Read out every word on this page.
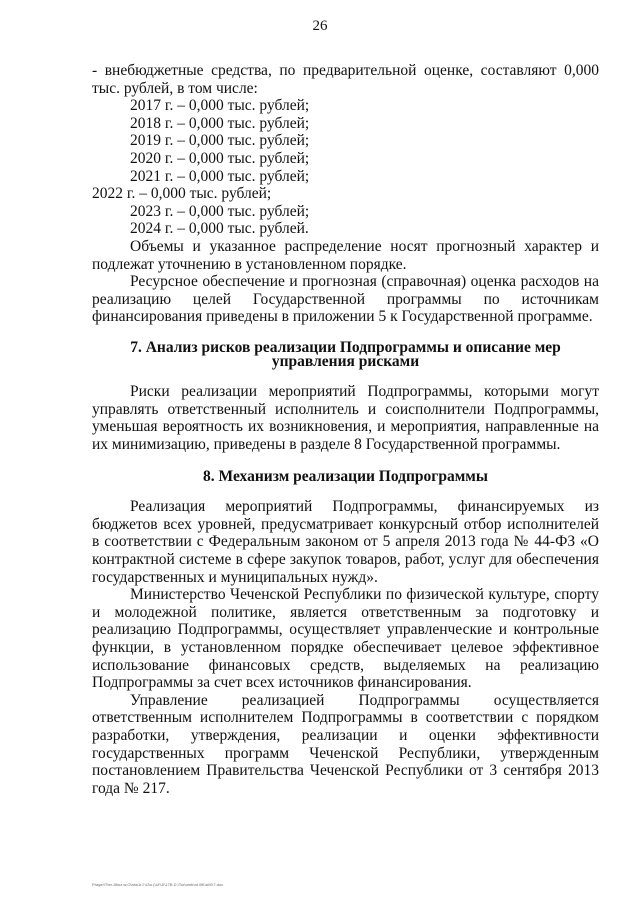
26

- внебюджетные средства, по предварительной оценке, составляют 0,000 тыс. рублей, в том числе:

2017 г. – 0,000 тыс. рублей;

2018 г. – 0,000 тыс. рублей;

2019 г. – 0,000 тыс. рублей;

2020 г. – 0,000 тыс. рублей;

2021 г. – 0,000 тыс. рублей;

2022 г. – 0,000 тыс. рублей;

2023 г. – 0,000 тыс. рублей;

2024 г. – 0,000 тыс. рублей.

Объемы и указанное распределение носят прогнозный характер и подлежат уточнению в установленном порядке.

Ресурсное обеспечение и прогнозная (справочная) оценка расходов на реализацию целей Государственной программы по источникам финансирования приведены в приложении 5 к Государственной программе.

7. Анализ рисков реализации Подпрограммы и описание мер
управления рисками

Риски реализации мероприятий Подпрограммы, которыми могут управлять ответственный исполнитель и соисполнители Подпрограммы, уменьшая вероятность их возникновения, и мероприятия, направленные на их минимизацию, приведены в разделе 8 Государственной программы.

8. Механизм реализации Подпрограммы

Реализация мероприятий Подпрограммы, финансируемых из бюджетов всех уровней, предусматривает конкурсный отбор исполнителей в соответствии с Федеральным законом от 5 апреля 2013 года № 44-ФЗ «О контрактной системе в сфере закупок товаров, работ, услуг для обеспечения государственных и муниципальных нужд».

Министерство Чеченской Республики по физической культуре, спорту и молодежной политике, является ответственным за подготовку и реализацию Подпрограммы, осуществляет управленческие и контрольные функции, в установленном порядке обеспечивает целевое эффективное использование финансовых средств, выделяемых на реализацию Подпрограммы за счет всех источников финансирования.

Управление реализацией Подпрограммы осуществляется ответственным исполнителем Подпрограммы в соответствии с порядком разработки, утверждения, реализации и оценки эффективности государственных программ Чеченской Республики, утвержденным постановлением Правительства Чеченской Республики от 3 сентября 2013 года № 217.

Prayer\TIer.Jlt\uz.w;O\hrw1rJ \lJ\o.(\Ul'\JI\17B D.\Tor\omtr\nt.\llK\a\!0!7.doc
